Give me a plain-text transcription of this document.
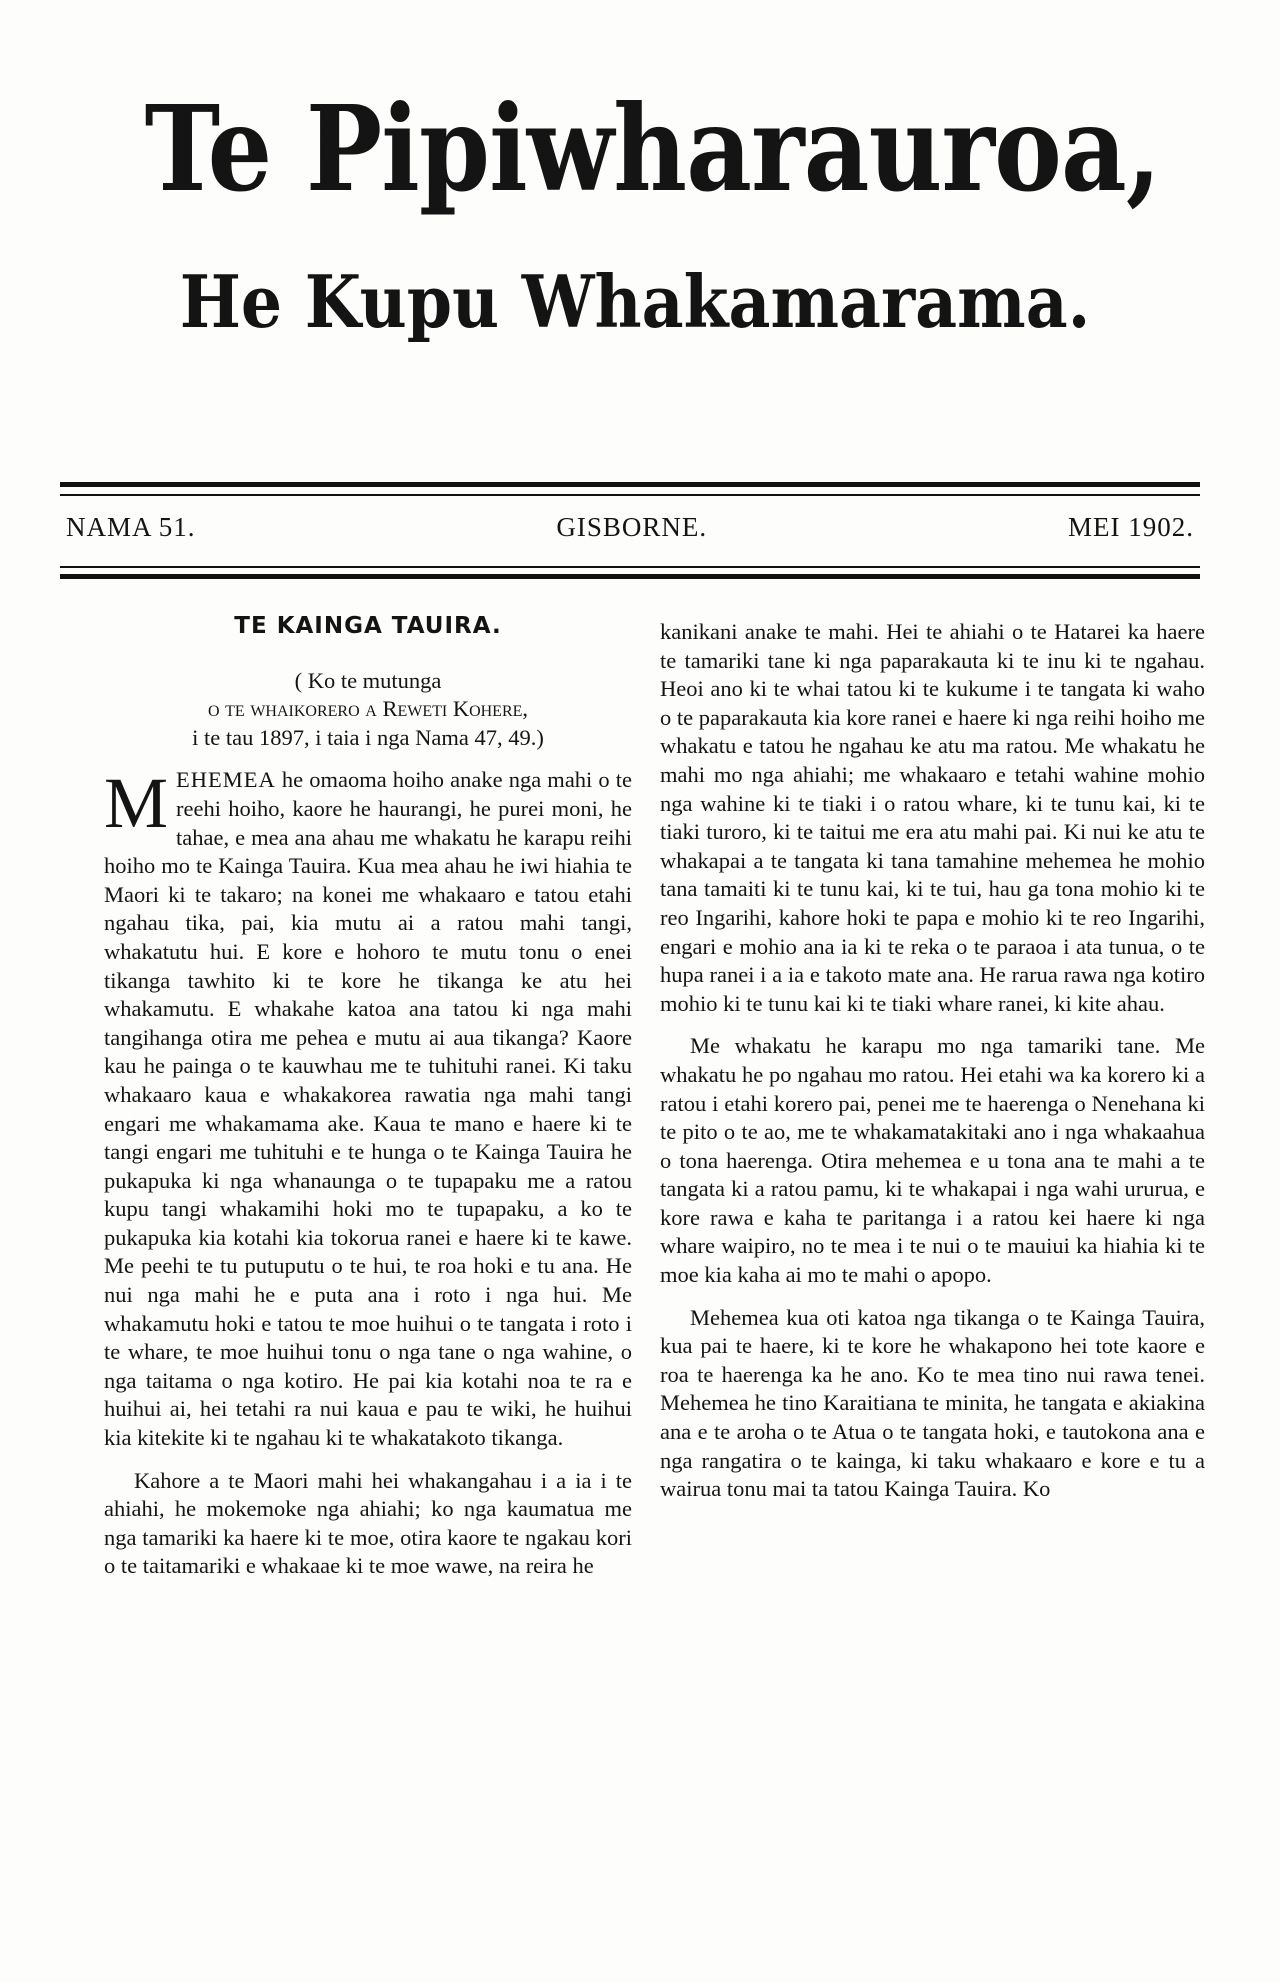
Te Pipiwharauroa,
He Kupu Whakamarama.
NAMA 51.	GISBORNE.	MEI 1902.
TE KAINGA TAUIRA.
( Ko te mutunga
o te whaikorero a Reweti Kohere,
i te tau 1897, i taia i nga Nama 47, 49.)

MEHEMEA he omaoma hoiho anake nga mahi o te reehi hoiho, kaore he haurangi, he purei moni, he tahae, e mea ana ahau me whakatu he karapu reihi hoiho mo te Kainga Tauira. Kua mea ahau he iwi hiahia te Maori ki te takaro; na konei me whakaaro e tatou etahi ngahau tika, pai, kia mutu ai a ratou mahi tangi, whakatutu hui. E kore e hohoro te mutu tonu o enei tikanga tawhito ki te kore he tikanga ke atu hei whakamutu. E whakahe katoa ana tatou ki nga mahi tangihanga otira me pehea e mutu ai aua tikanga? Kaore kau he painga o te kauwhau me te tuhituhi ranei. Ki taku whakaaro kaua e whakakorea rawatia nga mahi tangi engari me whakamama ake. Kaua te mano e haere ki te tangi engari me tuhituhi e te hunga o te Kainga Tauira he pukapuka ki nga whanaunga o te tupapaku me a ratou kupu tangi whakamihi hoki mo te tupapaku, a ko te pukapuka kia kotahi kia tokorua ranei e haere ki te kawe. Me peehi te tu putuputu o te hui, te roa hoki e tu ana. He nui nga mahi he e puta ana i roto i nga hui. Me whakamutu hoki e tatou te moe huihui o te tangata i roto i te whare, te moe huihui tonu o nga tane o nga wahine, o nga taitama o nga kotiro. He pai kia kotahi noa te ra e huihui ai, hei tetahi ra nui kaua e pau te wiki, he huihui kia kitekite ki te ngahau ki te whakatakoto tikanga.

Kahore a te Maori mahi hei whakangahau i a ia i te ahiahi, he mokemoke nga ahiahi; ko nga kaumatua me nga tamariki ka haere ki te moe, otira kaore te ngakau kori o te taitamariki e whakaae ki te moe wawe, na reira he

kanikani anake te mahi. Hei te ahiahi o te Hatarei ka haere te tamariki tane ki nga paparakauta ki te inu ki te ngahau. Heoi ano ki te whai tatou ki te kukume i te tangata ki waho o te paparakauta kia kore ranei e haere ki nga reihi hoiho me whakatu e tatou he ngahau ke atu ma ratou. Me whakatu he mahi mo nga ahiahi; me whakaaro e tetahi wahine mohio nga wahine ki te tiaki i o ratou whare, ki te tunu kai, ki te tiaki turoro, ki te taitui me era atu mahi pai. Ki nui ke atu te whakapai a te tangata ki tana tamahine mehemea he mohio tana tamaiti ki te tunu kai, ki te tui, hau ga tona mohio ki te reo Ingarihi, kahore hoki te papa e mohio ki te reo Ingarihi, engari e mohio ana ia ki te reka o te paraoa i ata tunua, o te hupa ranei i a ia e takoto mate ana. He rarua rawa nga kotiro mohio ki te tunu kai ki te tiaki whare ranei, ki kite ahau.

Me whakatu he karapu mo nga tamariki tane. Me whakatu he po ngahau mo ratou. Hei etahi wa ka korero ki a ratou i etahi korero pai, penei me te haerenga o Nenehana ki te pito o te ao, me te whakamatakitaki ano i nga whakaahua o tona haerenga. Otira mehemea e u tona ana te mahi a te tangata ki a ratou pamu, ki te whakapai i nga wahi ururua, e kore rawa e kaha te paritanga i a ratou kei haere ki nga whare waipiro, no te mea i te nui o te mauiui ka hiahia ki te moe kia kaha ai mo te mahi o apopo.

Mehemea kua oti katoa nga tikanga o te Kainga Tauira, kua pai te haere, ki te kore he whakapono hei tote kaore e roa te haerenga ka he ano. Ko te mea tino nui rawa tenei. Mehemea he tino Karaitiana te minita, he tangata e akiakina ana e te aroha o te Atua o te tangata hoki, e tautokona ana e nga rangatira o te kainga, ki taku whakaaro e kore e tu a wairua tonu mai ta tatou Kainga Tauira. Ko
